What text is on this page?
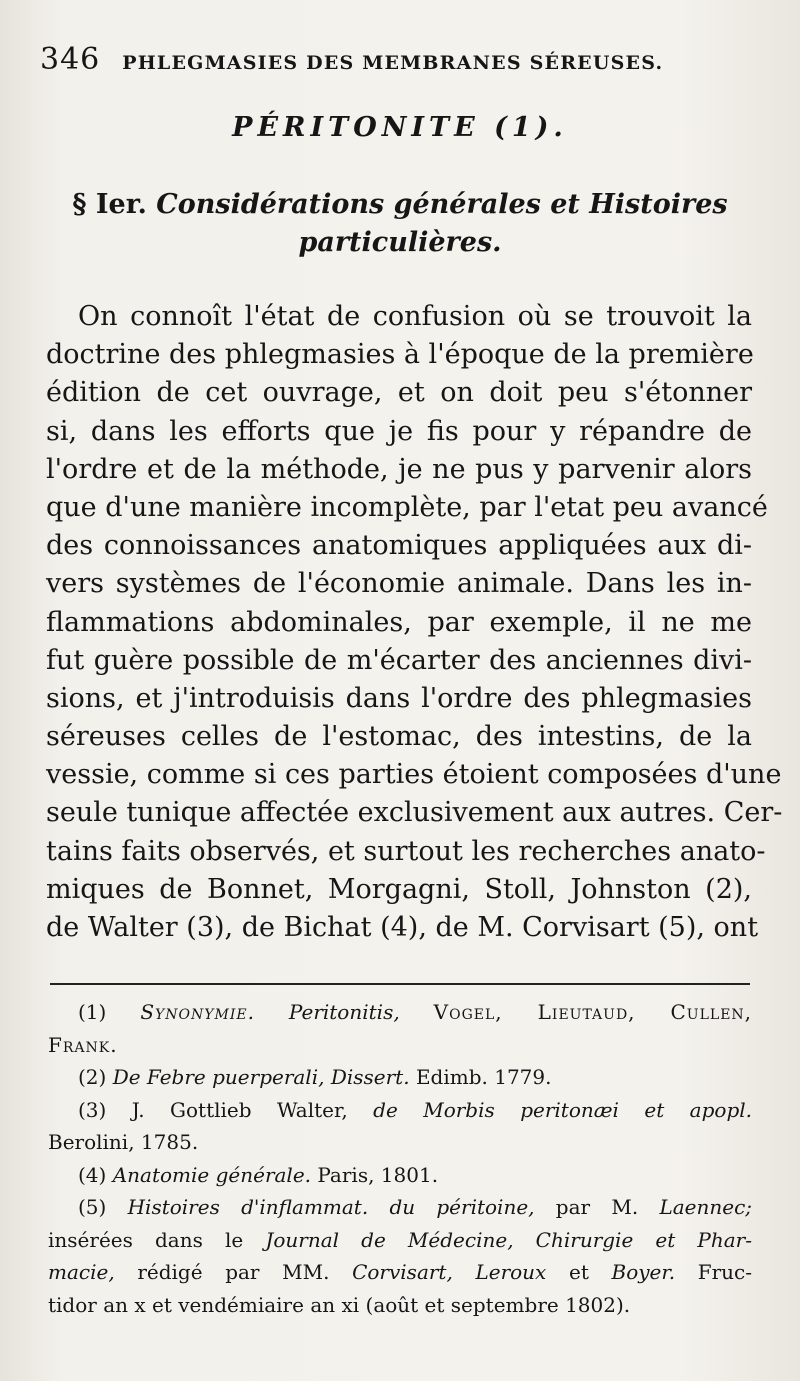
346 PHLEGMASIES DES MEMBRANES SÉREUSES.
PÉRITONITE (1).
§ Ier. Considérations générales et Histoires
particulières.
On connoît l'état de confusion où se trouvoit la
doctrine des phlegmasies à l'époque de la première
édition de cet ouvrage, et on doit peu s'étonner
si, dans les efforts que je fis pour y répandre de
l'ordre et de la méthode, je ne pus y parvenir alors
que d'une manière incomplète, par l'etat peu avancé
des connoissances anatomiques appliquées aux di-
vers systèmes de l'économie animale. Dans les in-
flammations abdominales, par exemple, il ne me
fut guère possible de m'écarter des anciennes divi-
sions, et j'introduisis dans l'ordre des phlegmasies
séreuses celles de l'estomac, des intestins, de la
vessie, comme si ces parties étoient composées d'une
seule tunique affectée exclusivement aux autres. Cer-
tains faits observés, et surtout les recherches anato-
miques de Bonnet, Morgagni, Stoll, Johnston (2),
de Walter (3), de Bichat (4), de M. Corvisart (5), ont
(1) Synonymie. Peritonitis, Vogel, Lieutaud, Cullen,
Frank.
(2) De Febre puerperali, Dissert. Edimb. 1779.
(3) J. Gottlieb Walter, de Morbis peritonæi et apopl.
Berolini, 1785.
(4) Anatomie générale. Paris, 1801.
(5) Histoires d'inflammat. du péritoine, par M. Laennec;
insérées dans le Journal de Médecine, Chirurgie et Phar-
macie, rédigé par MM. Corvisart, Leroux et Boyer. Fruc-
tidor an x et vendémiaire an xi (août et septembre 1802).
